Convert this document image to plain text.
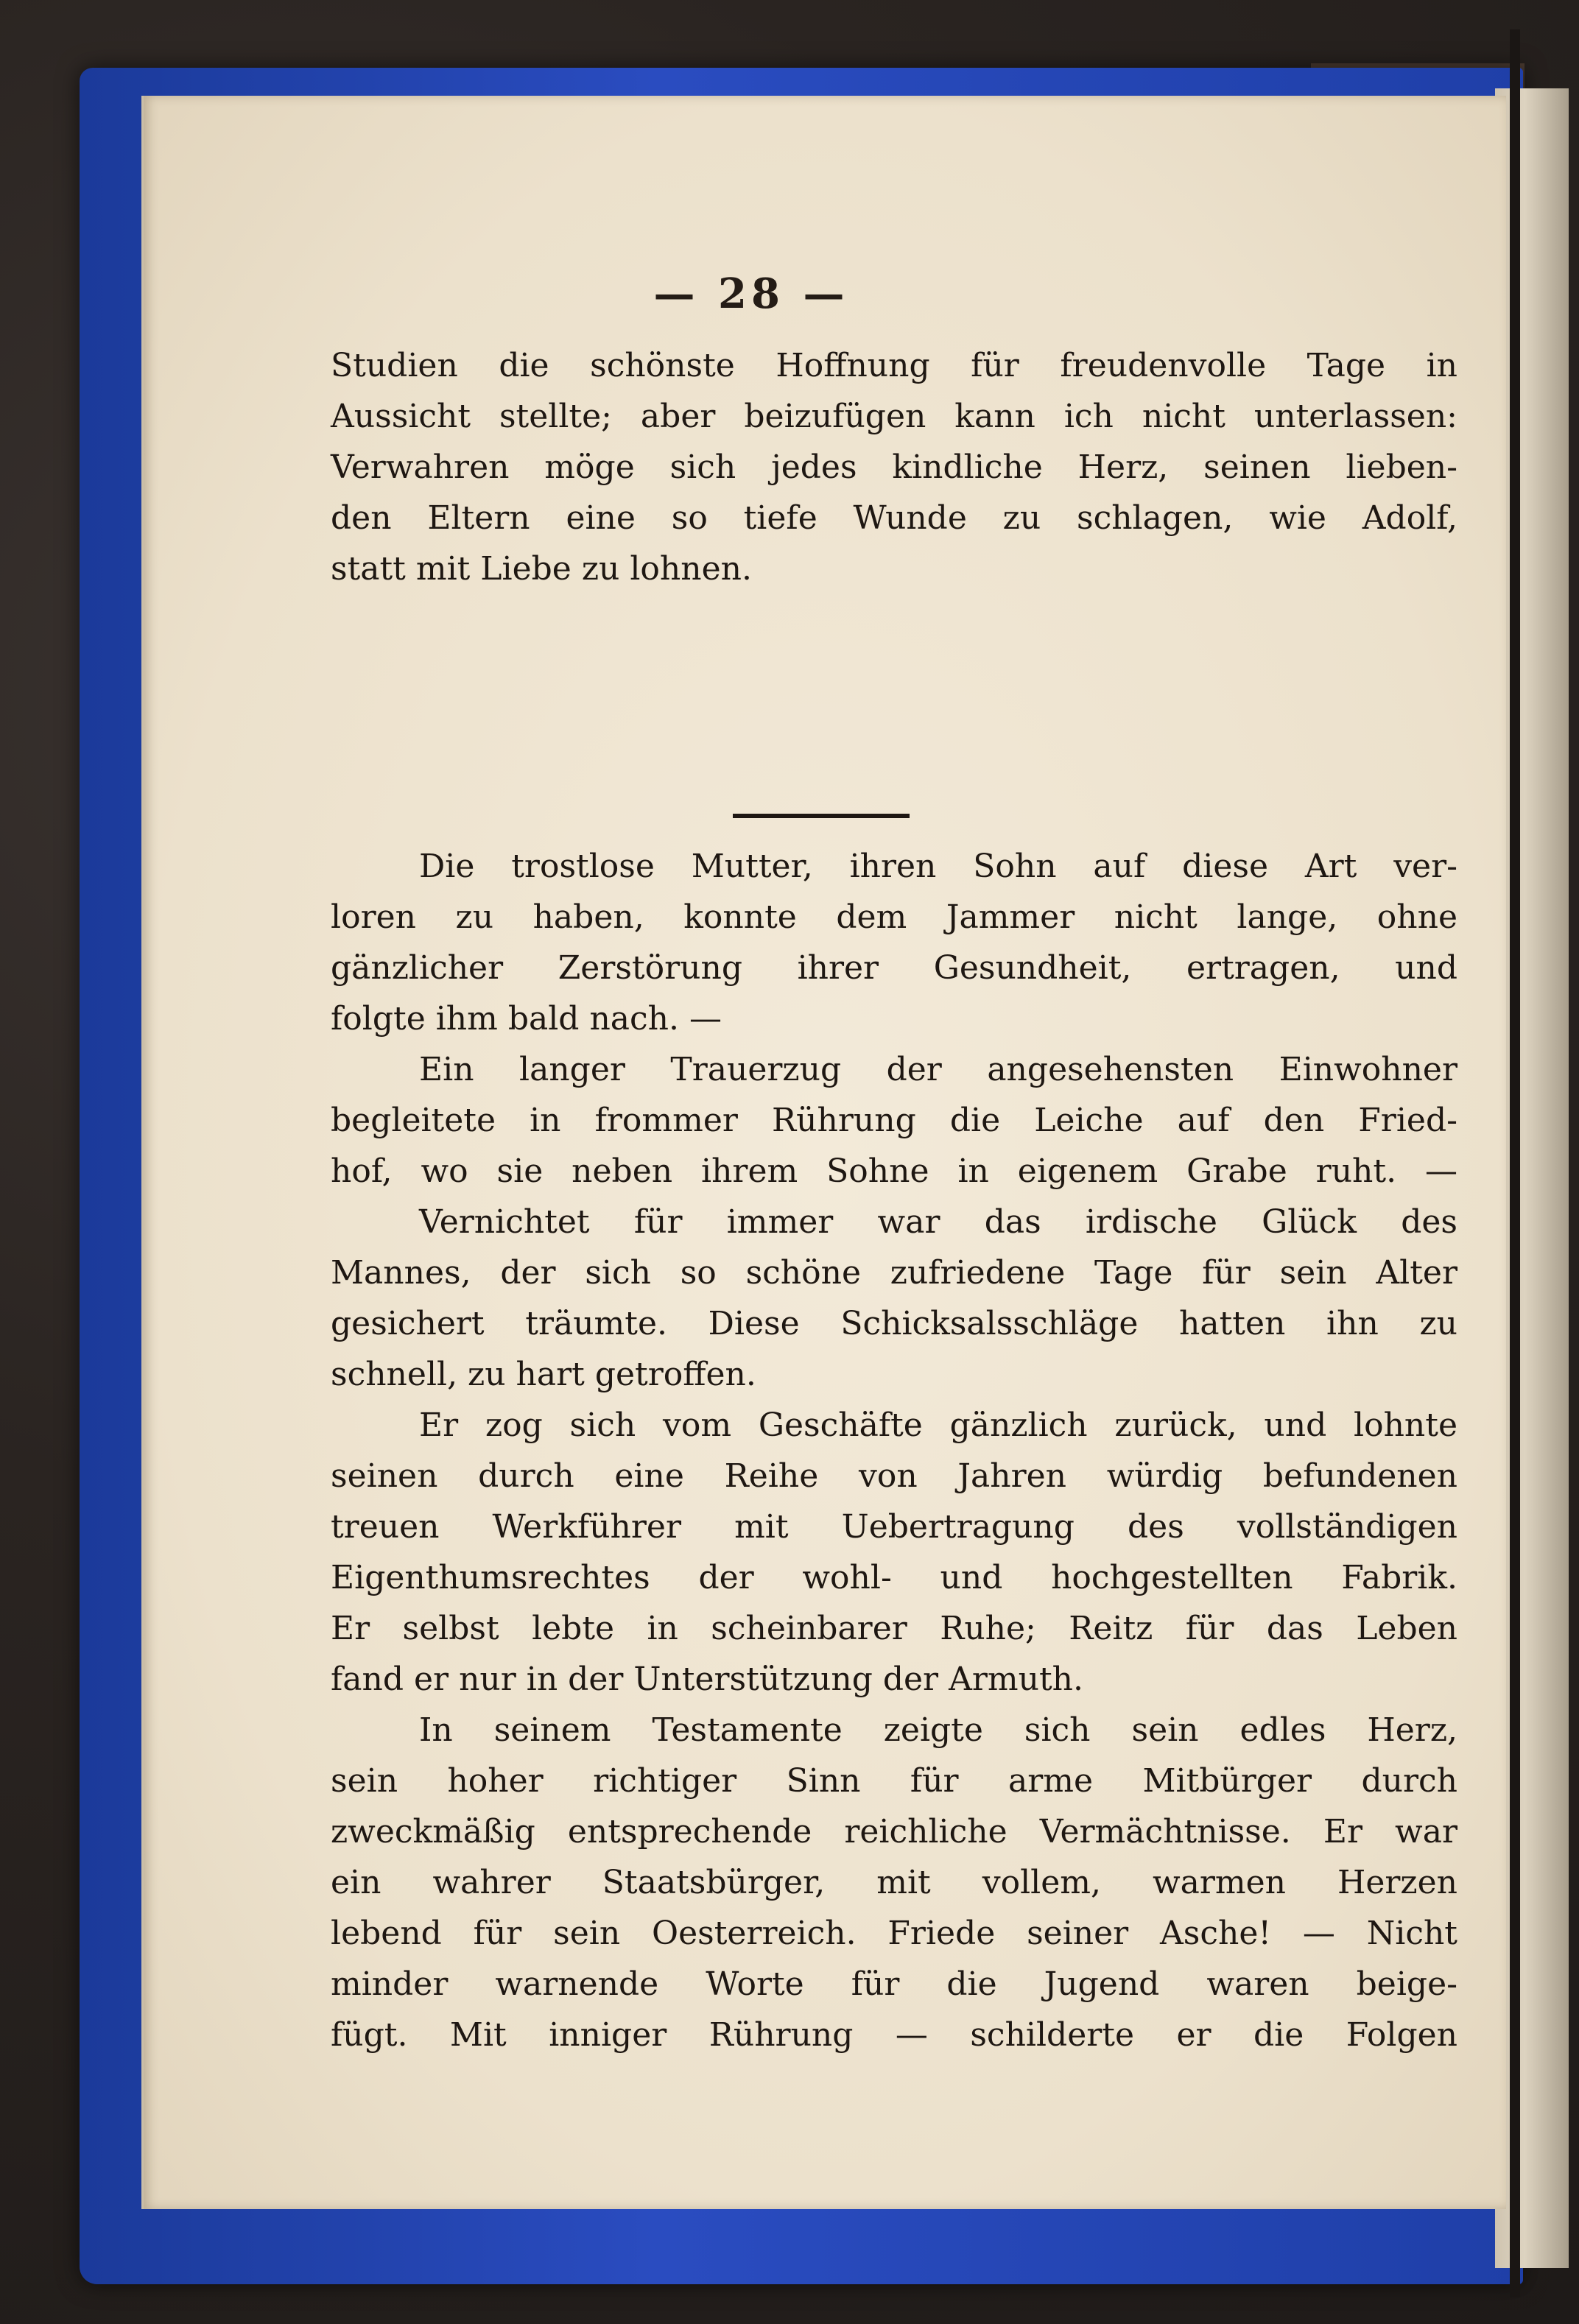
— 28 —
Studien die schönste Hoffnung für freudenvolle Tage in
Aussicht stellte; aber beizufügen kann ich nicht unterlassen:
Verwahren möge sich jedes kindliche Herz, seinen lieben-
den Eltern eine so tiefe Wunde zu schlagen, wie Adolf,
statt mit Liebe zu lohnen.
Die trostlose Mutter, ihren Sohn auf diese Art ver-
loren zu haben, konnte dem Jammer nicht lange, ohne
gänzlicher Zerstörung ihrer Gesundheit, ertragen, und
folgte ihm bald nach. —
Ein langer Trauerzug der angesehensten Einwohner
begleitete in frommer Rührung die Leiche auf den Fried-
hof, wo sie neben ihrem Sohne in eigenem Grabe ruht. —
Vernichtet für immer war das irdische Glück des
Mannes, der sich so schöne zufriedene Tage für sein Alter
gesichert träumte. Diese Schicksalsschläge hatten ihn zu
schnell, zu hart getroffen.
Er zog sich vom Geschäfte gänzlich zurück, und lohnte
seinen durch eine Reihe von Jahren würdig befundenen
treuen Werkführer mit Uebertragung des vollständigen
Eigenthumsrechtes der wohl- und hochgestellten Fabrik.
Er selbst lebte in scheinbarer Ruhe; Reitz für das Leben
fand er nur in der Unterstützung der Armuth.
In seinem Testamente zeigte sich sein edles Herz,
sein hoher richtiger Sinn für arme Mitbürger durch
zweckmäßig entsprechende reichliche Vermächtnisse. Er war
ein wahrer Staatsbürger, mit vollem, warmen Herzen
lebend für sein Oesterreich. Friede seiner Asche! — Nicht
minder warnende Worte für die Jugend waren beige-
fügt. Mit inniger Rührung — schilderte er die Folgen
